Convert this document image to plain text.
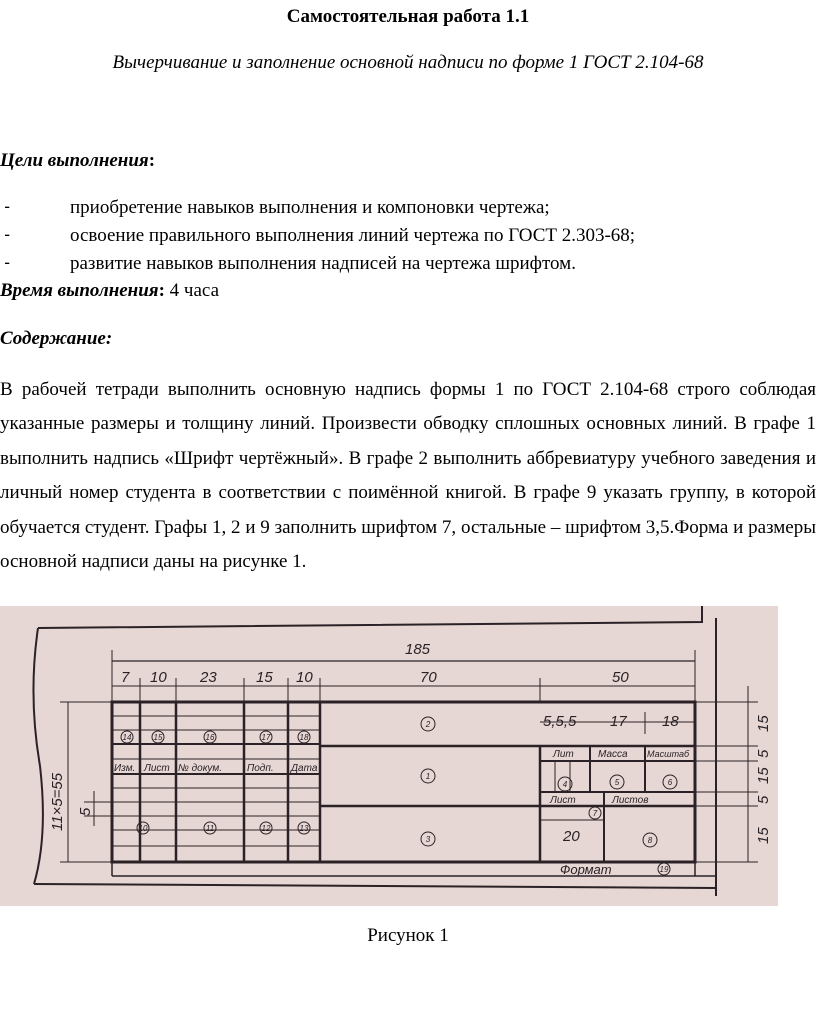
Самостоятельная работа 1.1
Вычерчивание и заполнение основной надписи по форме 1 ГОСТ 2.104-68
Цели выполнения:
-	приобретение навыков выполнения и компоновки чертежа;
-	освоение правильного выполнения линий чертежа по ГОСТ 2.303-68;
-	развитие навыков выполнения надписей на чертежа шрифтом.
Время выполнения: 4 часа
Содержание:
В рабочей тетради выполнить основную надпись формы 1 по ГОСТ 2.104-68 строго соблюдая указанные размеры и толщину линий. Произвести обводку сплошных основных линий. В графе 1 выполнить надпись «Шрифт чертёжный». В графе 2 выполнить аббревиатуру учебного заведения и личный номер студента в соответствии с поимённой книгой. В графе 9 указать группу, в которой обучается студент. Графы 1, 2 и 9 заполнить шрифтом 7, остальные – шрифтом 3,5.Форма и размеры основной надписи даны на рисунке 1.
185
7 10 23	15 10	70	50
5,5,5 17 18
20
11×5=55 5
15
5
15
5
15
14	15	16	17	18
2
1
3
4	5	6
7
8
10	11	12	13
19
Изм. Лист № докум. Подп. Дата
Лит Масса Масштаб
Лист	Листов
Формат
Рисунок 1
